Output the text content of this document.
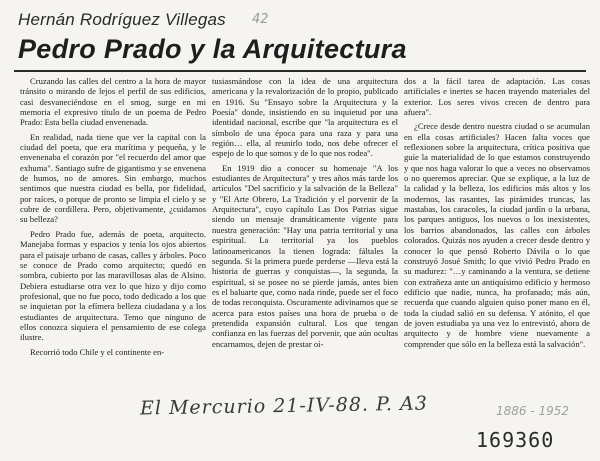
Hernán Rodríguez Villegas 42
Pedro Prado y la Arquitectura

Cruzando las calles del centro a la hora de mayor tránsito o mirando de lejos el perfil de sus edificios, casi desvaneciéndose en el smog, surge en mi memoria el expresivo título de un poema de Pedro Prado: Esta bella ciudad envenenada.

En realidad, nada tiene que ver la capital con la ciudad del poeta, que era marítima y pequeña, y le envenenaba el corazón por "el recuerdo del amor que exhuma". Santiago sufre de gigantismo y se envenena de humos, no de amores. Sin embargo, muchos sentimos que nuestra ciudad es bella, por fidelidad, por raíces, o porque de pronto se limpia el cielo y se cubre de cordillera. Pero, objetivamente, ¿cuidamos su belleza?

Pedro Prado fue, además de poeta, arquitecto. Manejaba formas y espacios y tenía los ojos abiertos para el paisaje urbano de casas, calles y árboles. Poco se conoce de Prado como arquitecto; quedó en sombra, cubierto por las maravillosas alas de Alsino. Debiera estudiarse otra vez lo que hizo y dijo como profesional, que no fue poco, todo dedicado a los que se inquietan por la efímera belleza ciudadana y a los estudiantes de arquitectura. Temo que ninguno de ellos conozca siquiera el pensamiento de ese colega ilustre.

Recorrió todo Chile y el continente en-

tusiasmándose con la idea de una arquitectura americana y la revalorización de lo propio, publicado en 1916. Su "Ensayo sobre la Arquitectura y la Poesía" donde, insistiendo en su inquietud por una identidad nacional, escribe que "la arquitectura es el símbolo de una época para una raza y para una región… ella, al reunirlo todo, nos debe ofrecer el espejo de lo que somos y de lo que nos rodea".

En 1919 dio a conocer su homenaje "A los estudiantes de Arquitectura" y tres años más tarde los artículos "Del sacrificio y la salvación de la Belleza" y "El Arte Obrero, La Tradición y el porvenir de la Arquitectura", cuyo capítulo Las Dos Patrias sigue siendo un mensaje dramáticamente vigente para nuestra generación: "Hay una patria territorial y una espiritual. La territorial ya los pueblos latinoamericanos la tienen lograda: fáltales la segunda. Si la primera puede perderse —lleva está la historia de guerras y conquistas—, la segunda, la espiritual, si se posee no se pierde jamás, antes bien es el baluarte que, como nada rinde, puede ser el foco de todas reconquista. Oscuramente adivinamos que se acerca para estos países una hora de prueba o de pretendida expansión cultural. Los que tengan confianza en las fuerzas del porvenir, que aún ocultas encarnamos, dejen de prestar oí-

dos a la fácil tarea de adaptación. Las cosas artificiales e inertes se hacen trayendo materiales del exterior. Los seres vivos crecen de dentro para afuera".

¿Crece desde dentro nuestra ciudad o se acumulan en ella cosas artificiales? Hacen falta voces que reflexionen sobre la arquitectura, crítica positiva que guíe la materialidad de lo que estamos construyendo y que nos haga valorar lo que a veces no observamos o no queremos apreciar. Que se explique, a la luz de la calidad y la belleza, los edificios más altos y los modernos, las rasantes, las pirámides truncas, las mastabas, los caracoles, la ciudad jardín o la urbana, los parques antiguos, los nuevos o los inexistentes, los barrios abandonados, las calles con árboles colorados. Quizás nos ayuden a crecer desde dentro y conocer lo que pensó Roberto Dávila o lo que construyó Josué Smith; lo que vivió Pedro Prado en su madurez: "…y caminando a la ventura, se detiene con extrañeza ante un antiquísimo edificio y hermoso edificio que nadie, nunca, ha profanado; más aún, recuerda que cuando alguien quiso poner mano en él, toda la ciudad salió en su defensa. Y atónito, el que de joven estudiaba ya una vez lo entrevistó, ahora de arquitecto y de hombre viene nuevamente a comprender que sólo en la belleza está la salvación".

El Mercurio 21-IV-88. P. A3	1886 - 1952
169360
